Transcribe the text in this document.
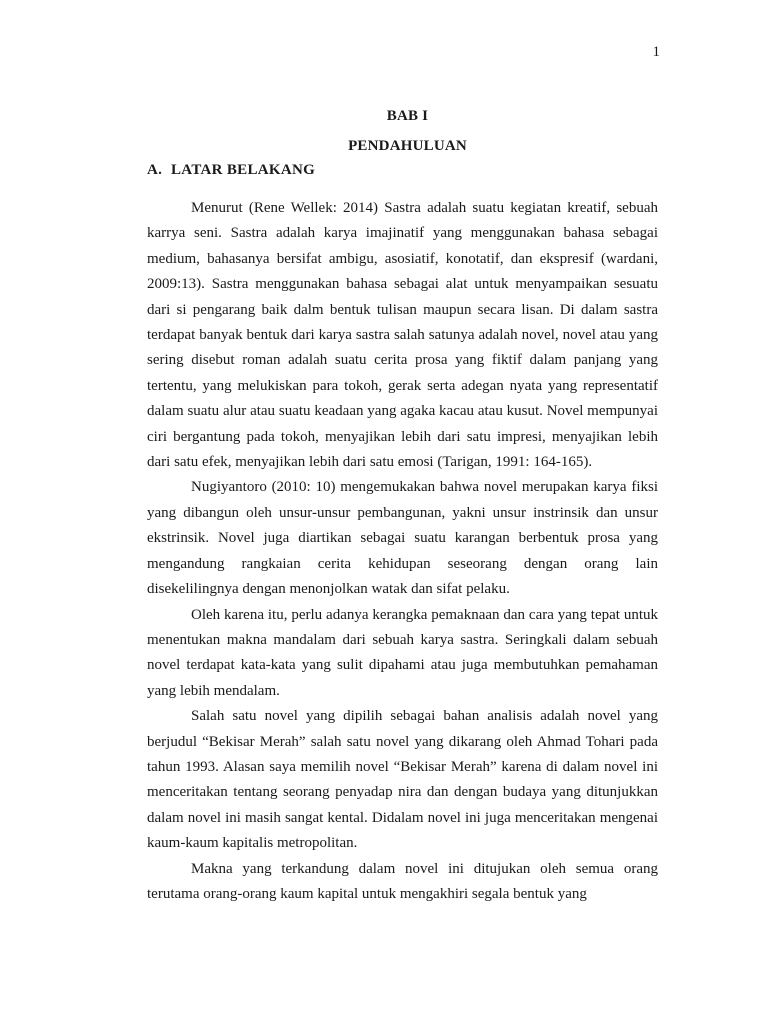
1
BAB I
PENDAHULUAN
A. LATAR BELAKANG

Menurut (Rene Wellek: 2014) Sastra adalah suatu kegiatan kreatif, sebuah karrya seni. Sastra adalah karya imajinatif yang menggunakan bahasa sebagai medium, bahasanya bersifat ambigu, asosiatif, konotatif, dan ekspresif (wardani, 2009:13). Sastra menggunakan bahasa sebagai alat untuk menyampaikan sesuatu dari si pengarang baik dalm bentuk tulisan maupun secara lisan. Di dalam sastra terdapat banyak bentuk dari karya sastra salah satunya adalah novel, novel atau yang sering disebut roman adalah suatu cerita prosa yang fiktif dalam panjang yang tertentu, yang melukiskan para tokoh, gerak serta adegan nyata yang representatif dalam suatu alur atau suatu keadaan yang agaka kacau atau kusut. Novel mempunyai ciri bergantung pada tokoh, menyajikan lebih dari satu impresi, menyajikan lebih dari satu efek, menyajikan lebih dari satu emosi (Tarigan, 1991: 164-165).

Nugiyantoro (2010: 10) mengemukakan bahwa novel merupakan karya fiksi yang dibangun oleh unsur-unsur pembangunan, yakni unsur instrinsik dan unsur ekstrinsik. Novel juga diartikan sebagai suatu karangan berbentuk prosa yang mengandung rangkaian cerita kehidupan seseorang dengan orang lain disekelilingnya dengan menonjolkan watak dan sifat pelaku.

Oleh karena itu, perlu adanya kerangka pemaknaan dan cara yang tepat untuk menentukan makna mandalam dari sebuah karya sastra. Seringkali dalam sebuah novel terdapat kata-kata yang sulit dipahami atau juga membutuhkan pemahaman yang lebih mendalam.

Salah satu novel yang dipilih sebagai bahan analisis adalah novel yang berjudul “Bekisar Merah” salah satu novel yang dikarang oleh Ahmad Tohari pada tahun 1993. Alasan saya memilih novel “Bekisar Merah” karena di dalam novel ini menceritakan tentang seorang penyadap nira dan dengan budaya yang ditunjukkan dalam novel ini masih sangat kental. Didalam novel ini juga menceritakan mengenai kaum-kaum kapitalis metropolitan.

Makna yang terkandung dalam novel ini ditujukan oleh semua orang terutama orang-orang kaum kapital untuk mengakhiri segala bentuk yang
